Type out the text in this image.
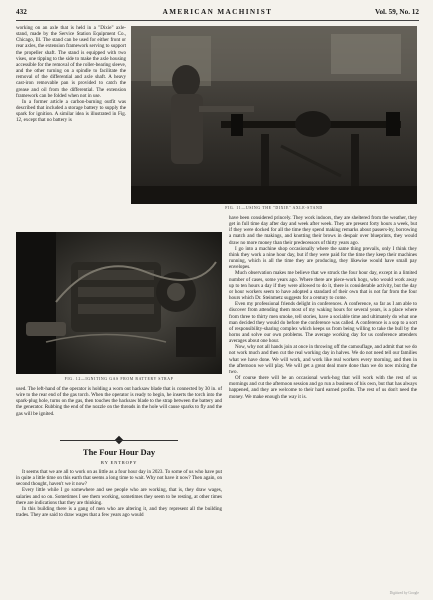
432	AMERICAN MACHINIST	Vol. 59, No. 12

working on an axle that is held in a "Dixie" axle-stand, made by the Service Station Equipment Co., Chicago, Ill. The stand can be used for either front or rear axles, the extension framework serving to support the propeller shaft. The stand is equipped with two vises, one tipping to the side to make the axle housing accessible for the removal of the roller-bearing sleeve, and the other turning on a spindle to facilitate the removal of the differential and axle shaft. A heavy cast-iron removable pan is provided to catch the grease and oil from the differential. The extension framework can be folded when not in use.

In a former article a carbon-burning outfit was described that included a storage battery to supply the spark for ignition. A similar idea is illustrated in Fig. 12, except that no battery is

FIG. 11—USING THE "DIXIE" AXLE-STAND
FIG. 12—IGNITING GAS FROM BATTERY STRAP

used. The left-hand of the operator is holding a worn out hacksaw blade that is connected by 30 in. of wire to the rear end of the gas torch. When the operator is ready to begin, he inserts the torch into the spark-plug hole, turns on the gas, then touches the hacksaw blade to the strap between the battery and the generator. Rubbing the end of the nozzle on the threads in the hole will cause sparks to fly and the gas will be ignited.

The Four Hour Day
BY ENTROPY

It seems that we are all to work on as little as a four hour day in 2023. To some of us who have put in quite a little time on this earth that seems a long time to wait. Why not have it now? Then again, on second thought, haven't we it now?

Every little while I go somewhere and see people who are working, that is, they draw wages, salaries and so on. Sometimes I see them working, sometimes they seem to be resting, at other times there are indications that they are thinking.

In this building there is a gang of men who are altering it, and they represent all the building trades. They are said to draw wages that a few years ago would

have been considered princely. They work indoors, they are sheltered from the weather, they get in full time day after day and week after week. They are present forty hours a week, but if they were docked for all the time they spend making remarks about passers-by, borrowing a match and the makings, and knotting their brows in despair over blueprints, they would draw no more money than their predecessors of thirty years ago.

I go into a machine shop occasionally where the same thing prevails, only I think they think they work a nine hour day, but if they were paid for the time they keep their machines running, which is all the time they are producing, they likewise would have small pay envelopes.

Much observation makes me believe that we struck the four hour day, except in a limited number of cases, some years ago. Where there are piece-work hogs, who would work away up to ten hours a day if they were allowed to do it, there is considerable activity, but the day or hour workers seem to have adopted a standard of their own that is not far from the four hours which Dr. Steinmetz suggests for a century to come.

Even my professional friends delight in conferences. A conference, so far as I am able to discover from attending them most of my waking hours for several years, is a place where from three to thirty men smoke, tell stories, have a sociable time and ultimately do what one man decided they would do before the conference was called. A conference is a sop to a sort of responsibility-sharing complex which keeps us from being willing to take the bull by the horns and solve our own problems. The average working day for us conference attenders averages about one hour.

Now, why not all hands join at once in throwing off the camouflage, and admit that we do not work much and then cut the real working day in halves. We do not need tell our families what we have done. We will work, and work like real workers every morning, and then in the afternoon we will play. We will get a great deal more done than we do now mixing the two.

Of course there will be an occasional work-hog that will work with the rest of us mornings and cut the afternoon session and go run a business of his own, but that has always happened, and they are welcome to their hard earned profits. The rest of us don't need the money. We make enough the way it is.

Digitized by Google
